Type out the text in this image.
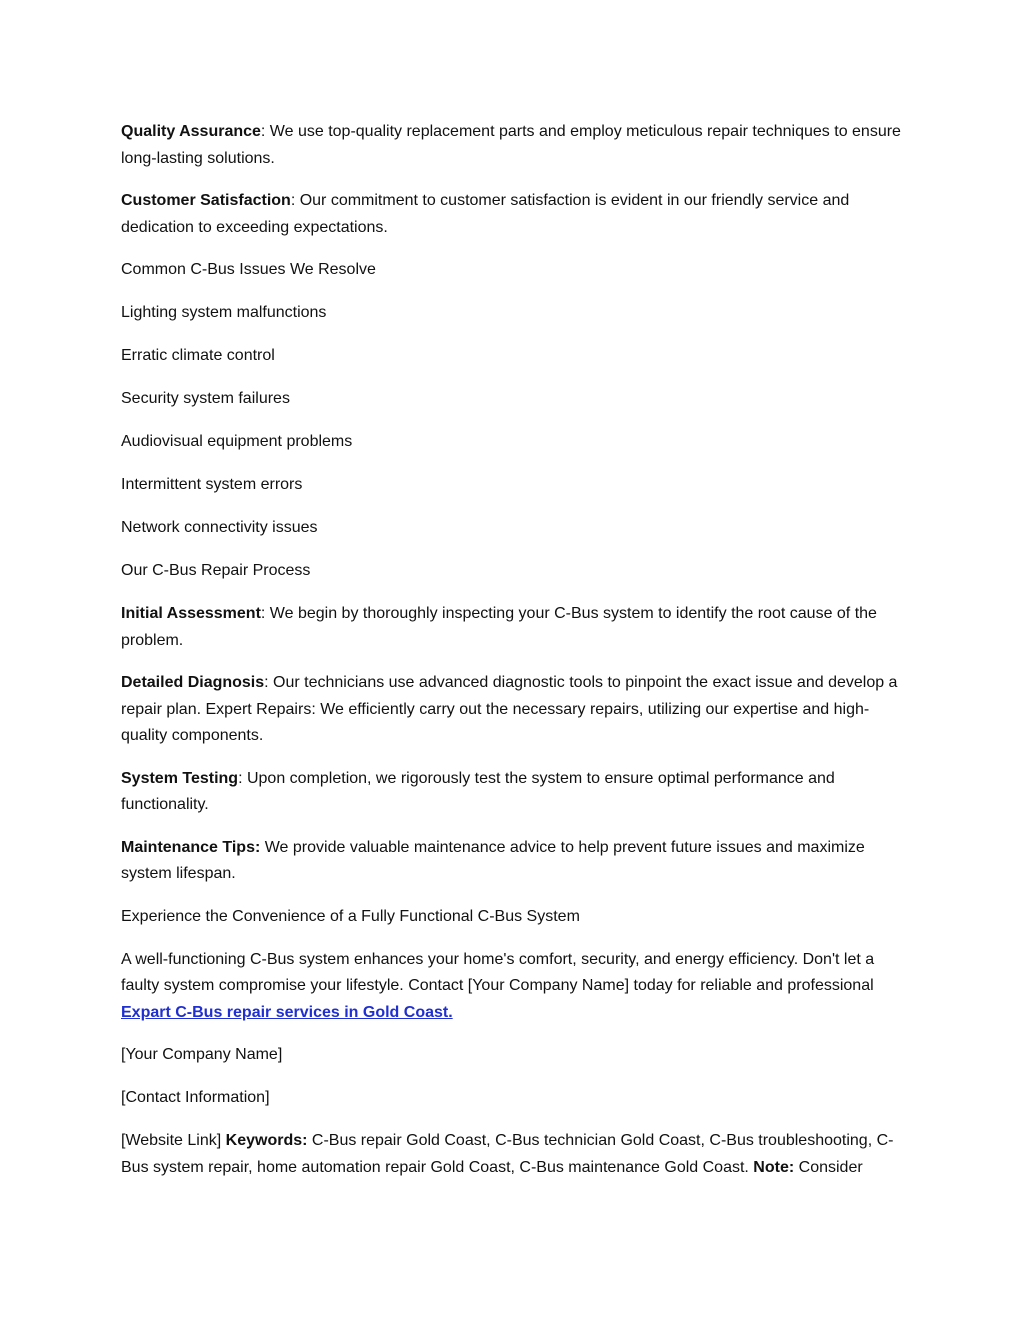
Quality Assurance: We use top-quality replacement parts and employ meticulous repair techniques to ensure long-lasting solutions.

Customer Satisfaction: Our commitment to customer satisfaction is evident in our friendly service and dedication to exceeding expectations.

Common C-Bus Issues We Resolve

Lighting system malfunctions

Erratic climate control

Security system failures

Audiovisual equipment problems

Intermittent system errors

Network connectivity issues

Our C-Bus Repair Process

Initial Assessment: We begin by thoroughly inspecting your C-Bus system to identify the root cause of the problem.

Detailed Diagnosis: Our technicians use advanced diagnostic tools to pinpoint the exact issue and develop a repair plan. Expert Repairs: We efficiently carry out the necessary repairs, utilizing our expertise and high-quality components.

System Testing: Upon completion, we rigorously test the system to ensure optimal performance and functionality.

Maintenance Tips: We provide valuable maintenance advice to help prevent future issues and maximize system lifespan.

Experience the Convenience of a Fully Functional C-Bus System

A well-functioning C-Bus system enhances your home's comfort, security, and energy efficiency. Don't let a faulty system compromise your lifestyle. Contact [Your Company Name] today for reliable and professional Expart C-Bus repair services in Gold Coast.

[Your Company Name]

[Contact Information]

[Website Link] Keywords: C-Bus repair Gold Coast, C-Bus technician Gold Coast, C-Bus troubleshooting, C-Bus system repair, home automation repair Gold Coast, C-Bus maintenance Gold Coast. Note: Consider
